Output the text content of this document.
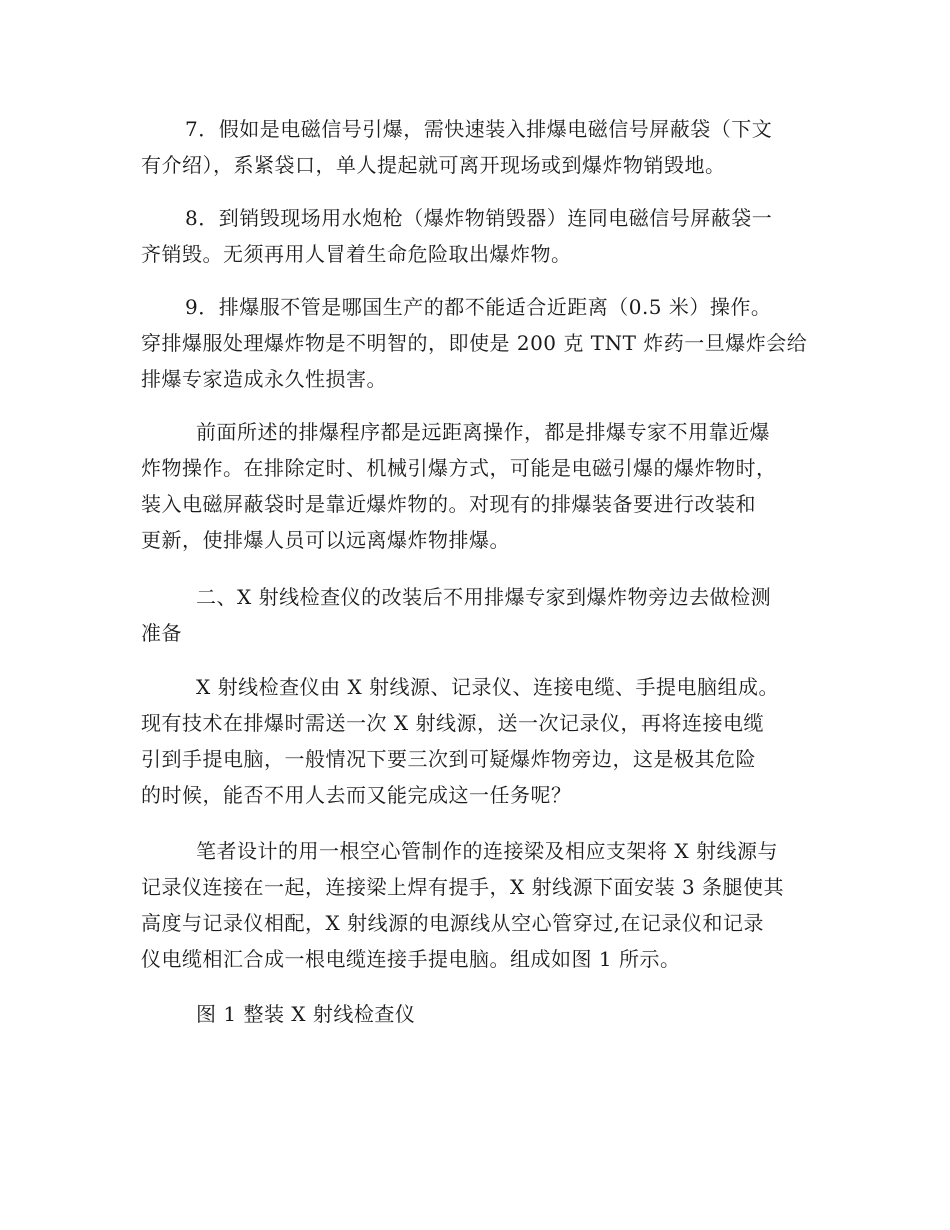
7．假如是电磁信号引爆，需快速装入排爆电磁信号屏蔽袋（下文
有介绍），系紧袋口，单人提起就可离开现场或到爆炸物销毁地。
8．到销毁现场用水炮枪（爆炸物销毁器）连同电磁信号屏蔽袋一
齐销毁。无须再用人冒着生命危险取出爆炸物。
9．排爆服不管是哪国生产的都不能适合近距离（0.5 米）操作。
穿排爆服处理爆炸物是不明智的，即使是 200 克 TNT 炸药一旦爆炸会给
排爆专家造成永久性损害。
前面所述的排爆程序都是远距离操作，都是排爆专家不用靠近爆
炸物操作。在排除定时、机械引爆方式，可能是电磁引爆的爆炸物时，
装入电磁屏蔽袋时是靠近爆炸物的。对现有的排爆装备要进行改装和
更新，使排爆人员可以远离爆炸物排爆。
二、X 射线检查仪的改装后不用排爆专家到爆炸物旁边去做检测
准备
X 射线检查仪由 X 射线源、记录仪、连接电缆、手提电脑组成。
现有技术在排爆时需送一次 X 射线源，送一次记录仪，再将连接电缆
引到手提电脑，一般情况下要三次到可疑爆炸物旁边，这是极其危险
的时候，能否不用人去而又能完成这一任务呢？
笔者设计的用一根空心管制作的连接梁及相应支架将 X 射线源与
记录仪连接在一起，连接梁上焊有提手，X 射线源下面安装 3 条腿使其
高度与记录仪相配，X 射线源的电源线从空心管穿过,在记录仪和记录
仪电缆相汇合成一根电缆连接手提电脑。组成如图 1 所示。
图 1 整装 X 射线检查仪
